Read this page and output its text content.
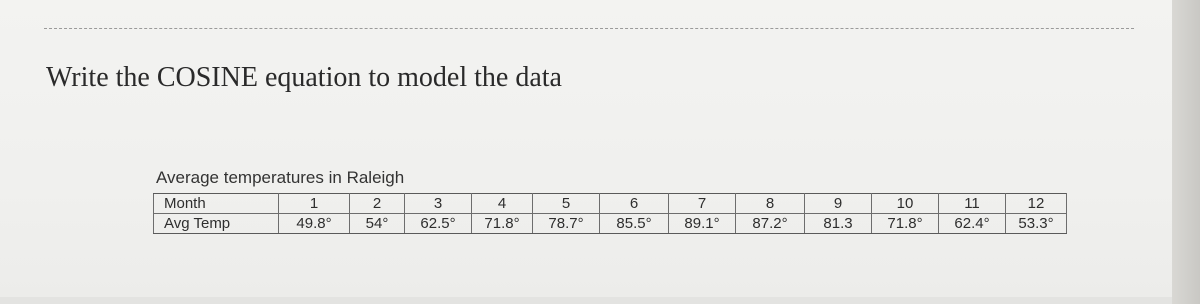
Write the COSINE equation to model the data
Average temperatures in Raleigh
Month	1	2	3	4	5	6	7	8	9	10	11	12
Avg Temp	49.8°	54°	62.5°	71.8°	78.7°	85.5°	89.1°	87.2°	81.3	71.8°	62.4°	53.3°
